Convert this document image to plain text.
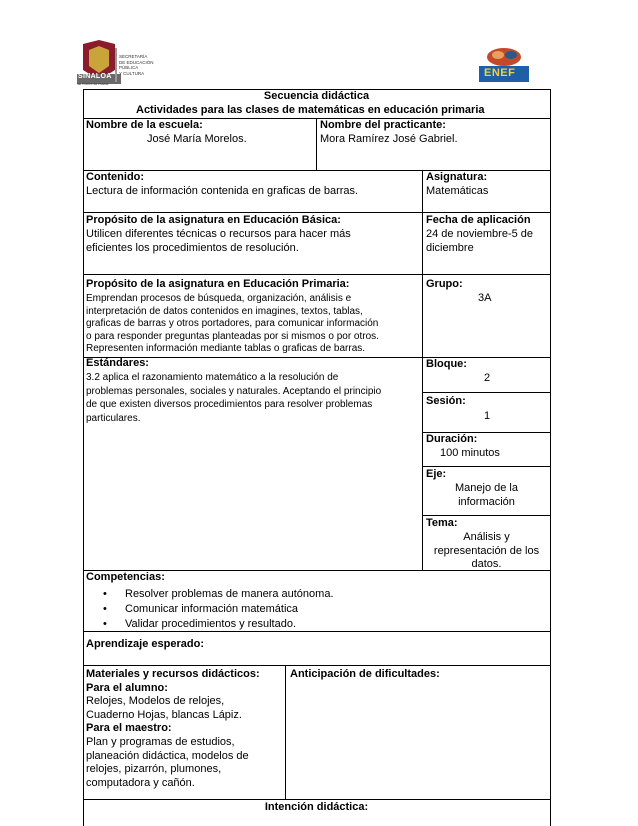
SINALOA
SE TODOS SE PUEDE
SECRETARÍA
DE EDUCACIÓN
PÚBLICA
Y CULTURA	ENEF
Secuencia didáctica
Actividades para las clases de matemáticas en educación primaria
Nombre de la escuela:
José María Morelos.
Nombre del practicante:
Mora Ramírez José Gabriel.
Contenido:
Lectura de información contenida en graficas de barras.
Asignatura:
Matemáticas
Propósito de la asignatura en Educación Básica:
Utilicen diferentes técnicas o recursos para hacer más
eficientes los procedimientos de resolución.
Fecha de aplicación
24 de noviembre-5 de
diciembre
Propósito de la asignatura en Educación Primaria:
Emprendan procesos de búsqueda, organización, análisis e
interpretación de datos contenidos en imagines, textos, tablas,
graficas de barras y otros portadores, para comunicar información
o para responder preguntas planteadas por si mismos o por otros.
Representen información mediante tablas o graficas de barras.
Grupo:
3A
Estándares:
3.2 aplica el razonamiento matemático a la resolución de
problemas personales, sociales y naturales. Aceptando el principio
de que existen diversos procedimientos para resolver problemas
particulares.
Bloque:
2
Sesión:
1
Duración:
100 minutos
Eje:
Manejo de la
información
Tema:
Análisis y
representación de los
datos.
Competencias:
• Resolver problemas de manera autónoma.
• Comunicar información matemática
• Validar procedimientos y resultado.
Aprendizaje esperado:
Materiales y recursos didácticos:
Para el alumno:
Relojes, Modelos de relojes,
Cuaderno Hojas, blancas Lápiz.
Para el maestro:
Plan y programas de estudios,
planeación didáctica, modelos de
relojes, pizarrón, plumones,
computadora y cañón.
Anticipación de dificultades:
Intención didáctica:
